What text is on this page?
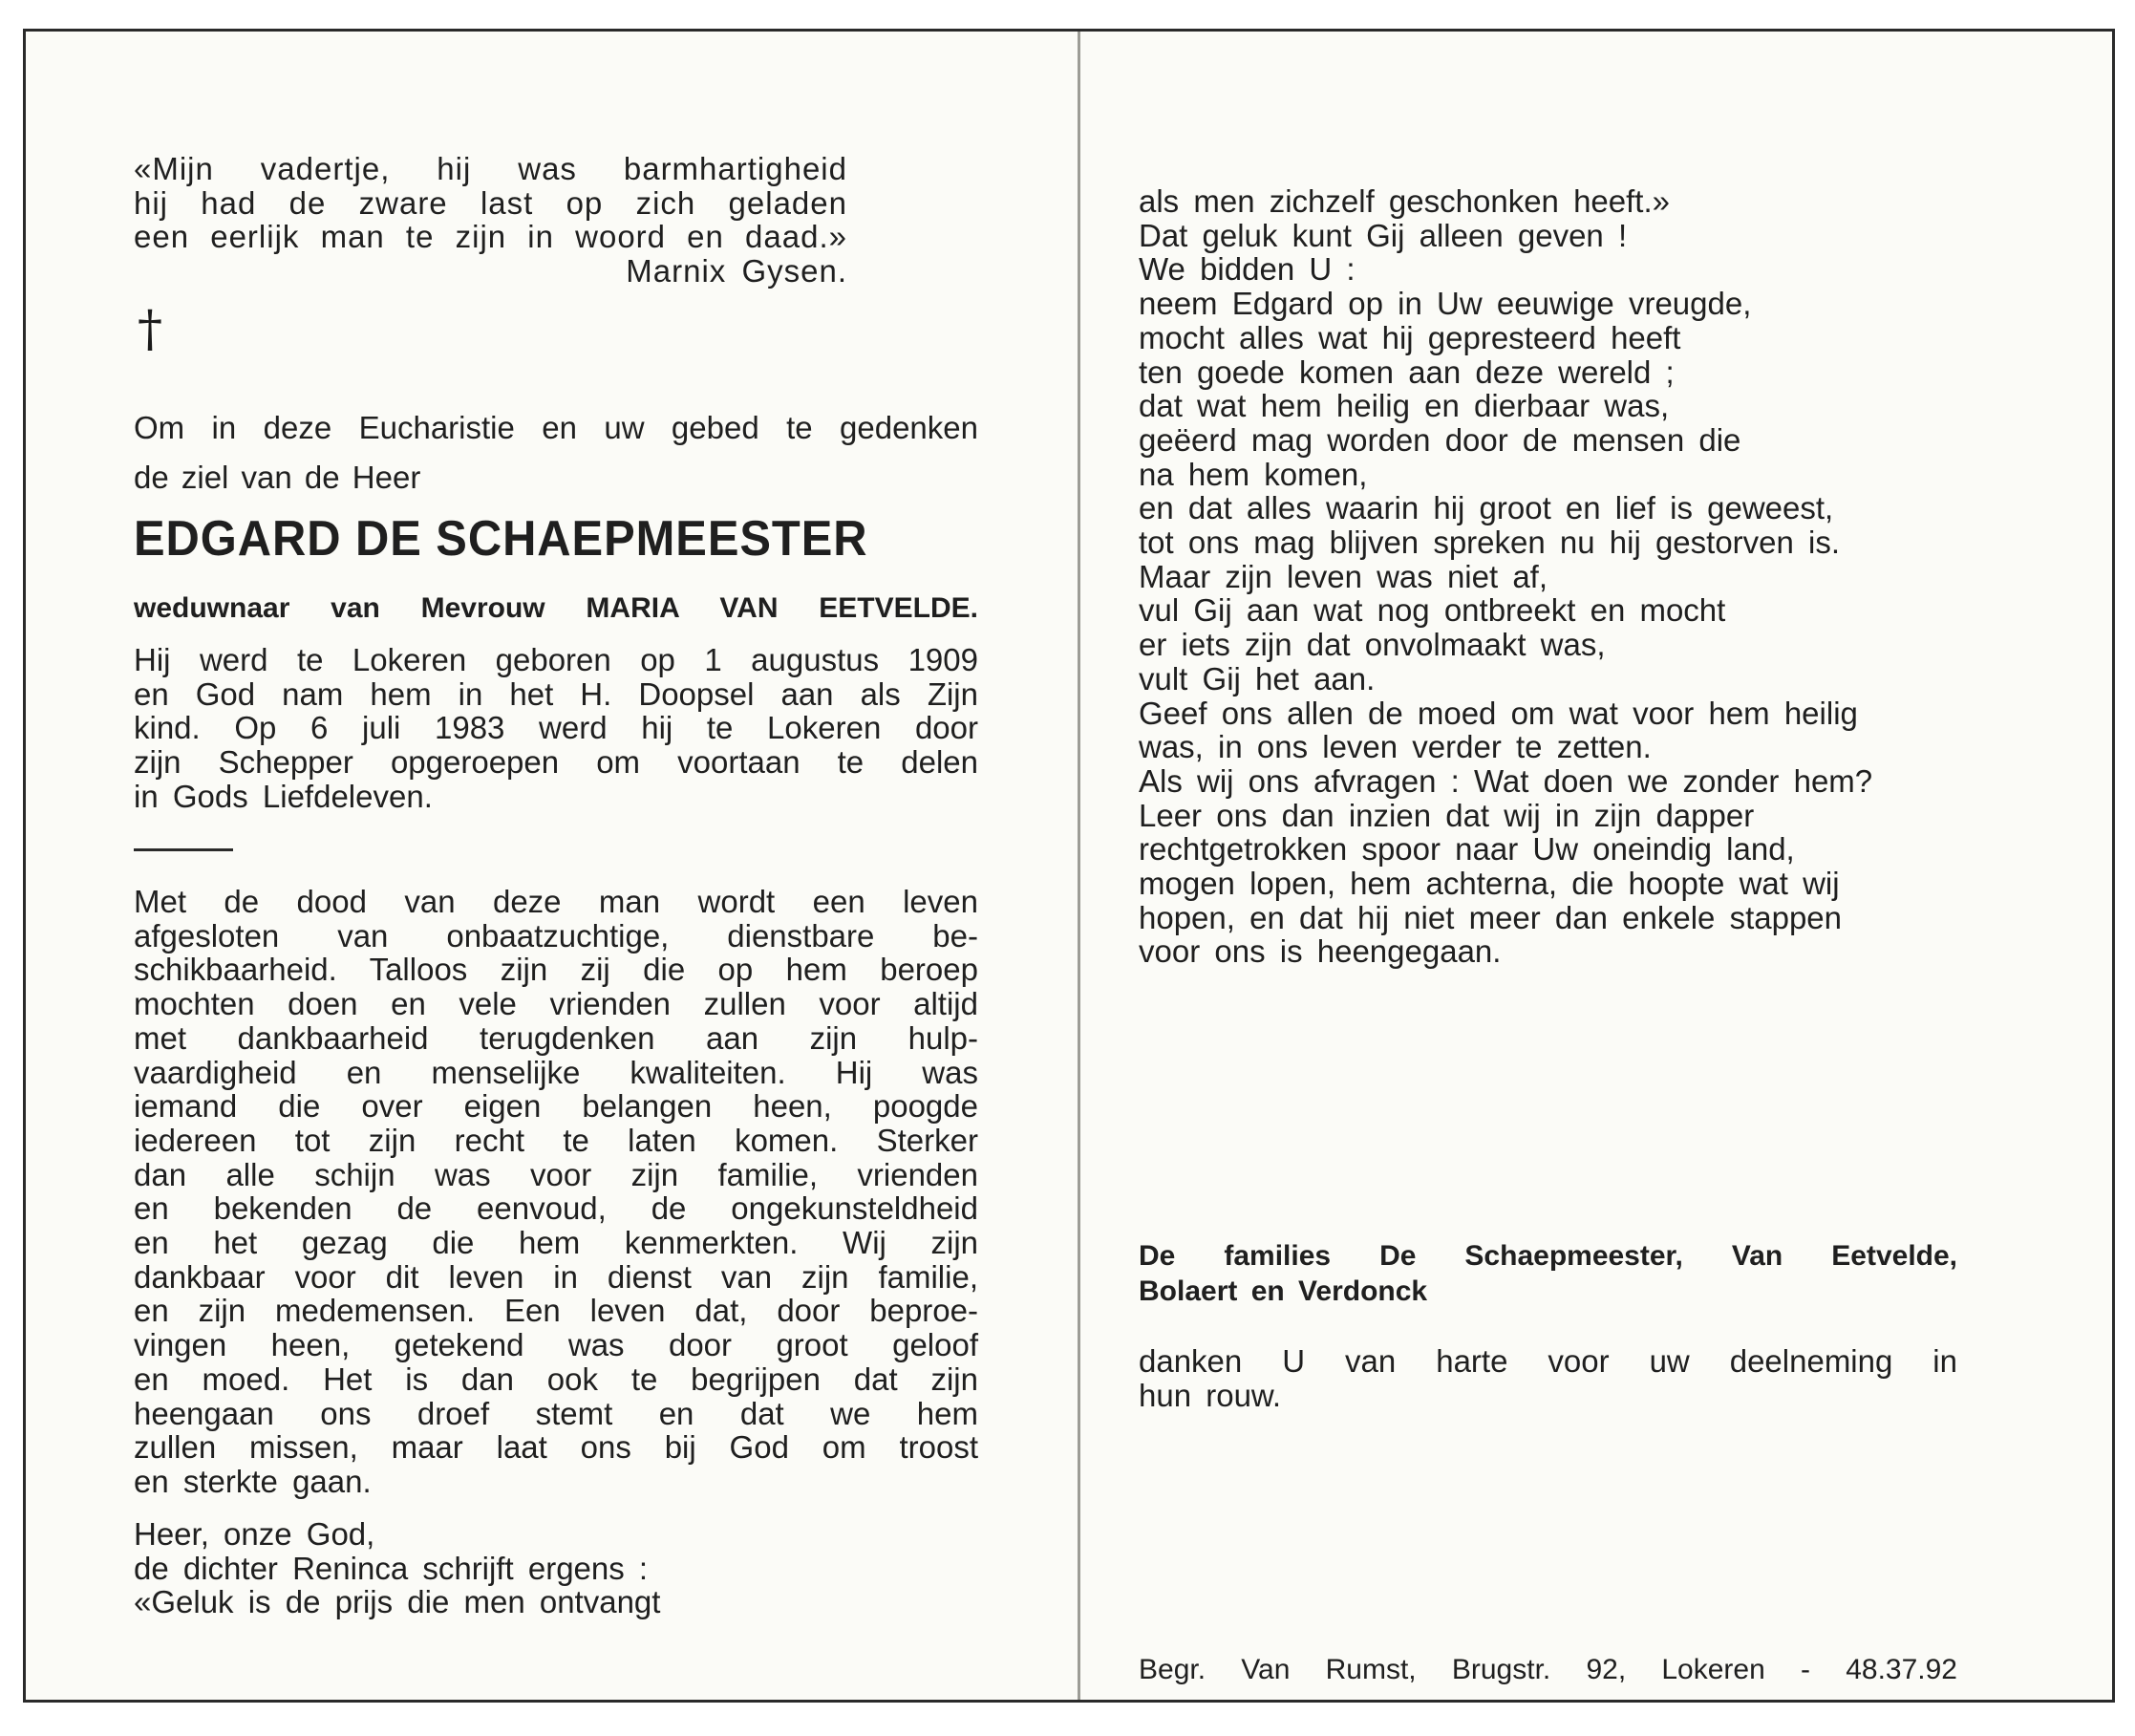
«Mijn vadertje, hij was barmhartigheid

hij had de zware last op zich geladen

een eerlijk man te zijn in woord en daad.»

Marnix Gysen.

†
Om in deze Eucharistie en uw gebed te gedenken
de ziel van de Heer
EDGARD DE SCHAEPMEESTER
weduwnaar van Mevrouw MARIA VAN EETVELDE.

Hij werd te Lokeren geboren op 1 augustus 1909

en God nam hem in het H. Doopsel aan als Zijn

kind. Op 6 juli 1983 werd hij te Lokeren door

zijn Schepper opgeroepen om voortaan te delen

in Gods Liefdeleven.

Met de dood van deze man wordt een leven

afgesloten van onbaatzuchtige, dienstbare be-

schikbaarheid. Talloos zijn zij die op hem beroep

mochten doen en vele vrienden zullen voor altijd

met dankbaarheid terugdenken aan zijn hulp-

vaardigheid en menselijke kwaliteiten. Hij was

iemand die over eigen belangen heen, poogde

iedereen tot zijn recht te laten komen. Sterker

dan alle schijn was voor zijn familie, vrienden

en bekenden de eenvoud, de ongekunsteldheid

en het gezag die hem kenmerkten. Wij zijn

dankbaar voor dit leven in dienst van zijn familie,

en zijn medemensen. Een leven dat, door beproe-

vingen heen, getekend was door groot geloof

en moed. Het is dan ook te begrijpen dat zijn

heengaan ons droef stemt en dat we hem

zullen missen, maar laat ons bij God om troost

en sterkte gaan.

Heer, onze God,

de dichter Reninca schrijft ergens :

«Geluk is de prijs die men ontvangt

als men zichzelf geschonken heeft.»

Dat geluk kunt Gij alleen geven !

We bidden U :

neem Edgard op in Uw eeuwige vreugde,

mocht alles wat hij gepresteerd heeft

ten goede komen aan deze wereld ;

dat wat hem heilig en dierbaar was,

geëerd mag worden door de mensen die

na hem komen,

en dat alles waarin hij groot en lief is geweest,

tot ons mag blijven spreken nu hij gestorven is.

Maar zijn leven was niet af,

vul Gij aan wat nog ontbreekt en mocht

er iets zijn dat onvolmaakt was,

vult Gij het aan.

Geef ons allen de moed om wat voor hem heilig

was, in ons leven verder te zetten.

Als wij ons afvragen : Wat doen we zonder hem?

Leer ons dan inzien dat wij in zijn dapper

rechtgetrokken spoor naar Uw oneindig land,

mogen lopen, hem achterna, die hoopte wat wij

hopen, en dat hij niet meer dan enkele stappen

voor ons is heengegaan.

De families De Schaepmeester, Van Eetvelde,

Bolaert en Verdonck

danken U van harte voor uw deelneming in

hun rouw.

Begr. Van Rumst, Brugstr. 92, Lokeren - 48.37.92
